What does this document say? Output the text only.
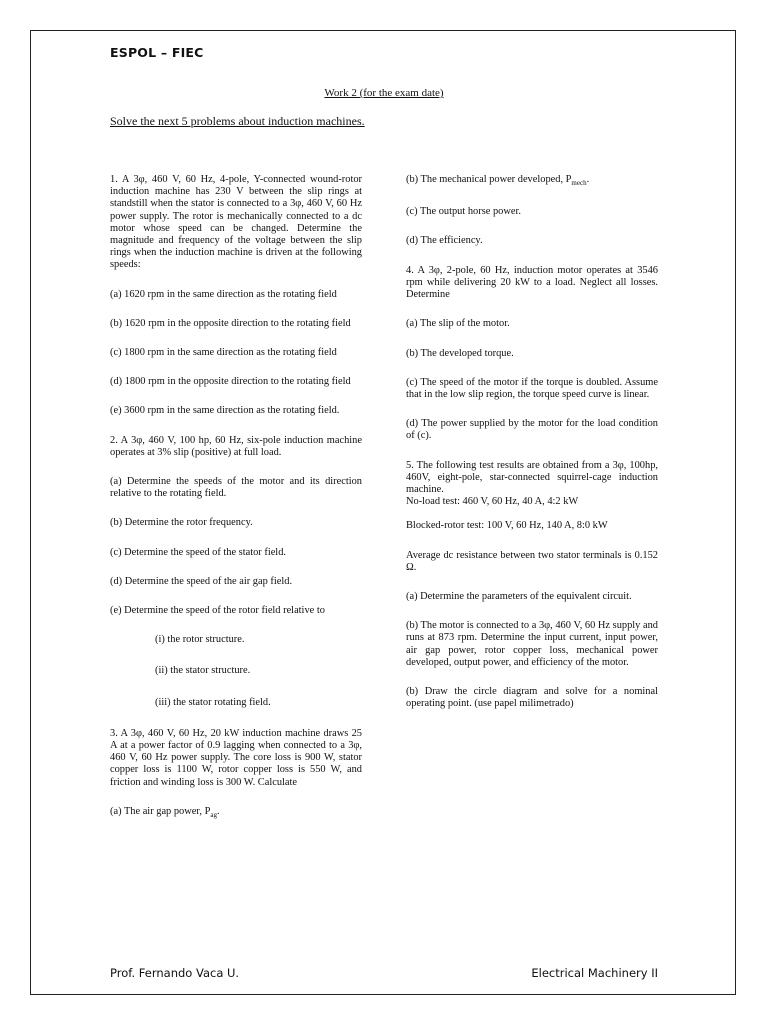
ESPOL – FIEC
Work 2 (for the exam date)
Solve the next 5 problems about induction machines.

1. A 3φ, 460 V, 60 Hz, 4-pole, Y-connected wound-rotor induction machine has 230 V between the slip rings at standstill when the stator is connected to a 3φ, 460 V, 60 Hz power supply. The rotor is mechanically connected to a dc motor whose speed can be changed. Determine the magnitude and frequency of the voltage between the slip rings when the induction machine is driven at the following speeds:

(a) 1620 rpm in the same direction as the rotating field

(b) 1620 rpm in the opposite direction to the rotating field

(c) 1800 rpm in the same direction as the rotating field

(d) 1800 rpm in the opposite direction to the rotating field

(e) 3600 rpm in the same direction as the rotating field.

2. A 3φ, 460 V, 100 hp, 60 Hz, six-pole induction machine operates at 3% slip (positive) at full load.

(a) Determine the speeds of the motor and its direction relative to the rotating field.

(b) Determine the rotor frequency.

(c) Determine the speed of the stator field.

(d) Determine the speed of the air gap field.

(e) Determine the speed of the rotor field relative to

(i) the rotor structure.

(ii) the stator structure.

(iii) the stator rotating field.

3. A 3φ, 460 V, 60 Hz, 20 kW induction machine draws 25 A at a power factor of 0.9 lagging when connected to a 3φ, 460 V, 60 Hz power supply. The core loss is 900 W, stator copper loss is 1100 W, rotor copper loss is 550 W, and friction and winding loss is 300 W. Calculate

(a) The air gap power, $P_{ag}$.

(b) The mechanical power developed, $P_{mech}$.

(c) The output horse power.

(d) The efficiency.

4. A 3φ, 2-pole, 60 Hz, induction motor operates at 3546 rpm while delivering 20 kW to a load. Neglect all losses. Determine

(a) The slip of the motor.

(b) The developed torque.

(c) The speed of the motor if the torque is doubled. Assume that in the low slip region, the torque speed curve is linear.

(d) The power supplied by the motor for the load condition of (c).

5. The following test results are obtained from a 3φ, 100hp, 460V, eight-pole, star-connected squirrel-cage induction machine.
No-load test: 460 V, 60 Hz, 40 A, 4:2 kW

Blocked-rotor test: 100 V, 60 Hz, 140 A, 8:0 kW

Average dc resistance between two stator terminals is 0.152 Ω.

(a) Determine the parameters of the equivalent circuit.

(b) The motor is connected to a 3φ, 460 V, 60 Hz supply and runs at 873 rpm. Determine the input current, input power, air gap power, rotor copper loss, mechanical power developed, output power, and efficiency of the motor.

(b) Draw the circle diagram and solve for a nominal operating point. (use papel milimetrado)

Prof. Fernando Vaca U.	Electrical Machinery II
